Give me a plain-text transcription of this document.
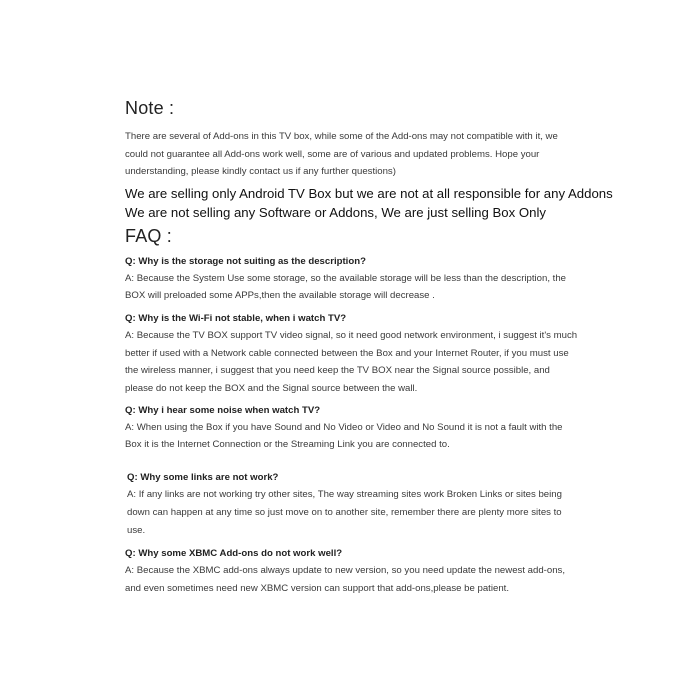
Note :

There are several of Add-ons in this TV box, while some of the Add-ons may not compatible with it, we could not guarantee all Add-ons work well, some are of various and updated problems. Hope your understanding, please kindly contact us if any further questions)

We are selling only Android TV Box but we are not at all responsible for any Addons

We are not selling any Software or Addons, We are just selling Box Only

FAQ :

Q: Why is the storage not suiting as the description?

A: Because the System Use some storage, so the available storage will be less than the description, the BOX will preloaded some APPs,then the available storage will decrease .

Q: Why is the Wi-Fi not stable, when i watch TV?

A: Because the TV BOX support TV video signal, so it need good network environment, i suggest it's much better if used with a Network cable connected between the Box and your Internet Router, if you must use the wireless manner, i suggest that you need keep the TV BOX near the Signal source possible, and please do not keep the BOX and the Signal source between the wall.

Q: Why i hear some noise when watch TV?

A: When using the Box if you have Sound and No Video or Video and No Sound it is not a fault with the Box it is the Internet Connection or the Streaming Link you are connected to.

Q: Why some links are not work?

A: If any links are not working try other sites, The way streaming sites work Broken Links or sites being down can happen at any time so just move on to another site, remember there are plenty more sites to use.

Q: Why some XBMC Add-ons do not work well?

A: Because the XBMC add-ons always update to new version, so you need update the newest add-ons, and even sometimes need new XBMC version can support that add-ons,please be patient.
